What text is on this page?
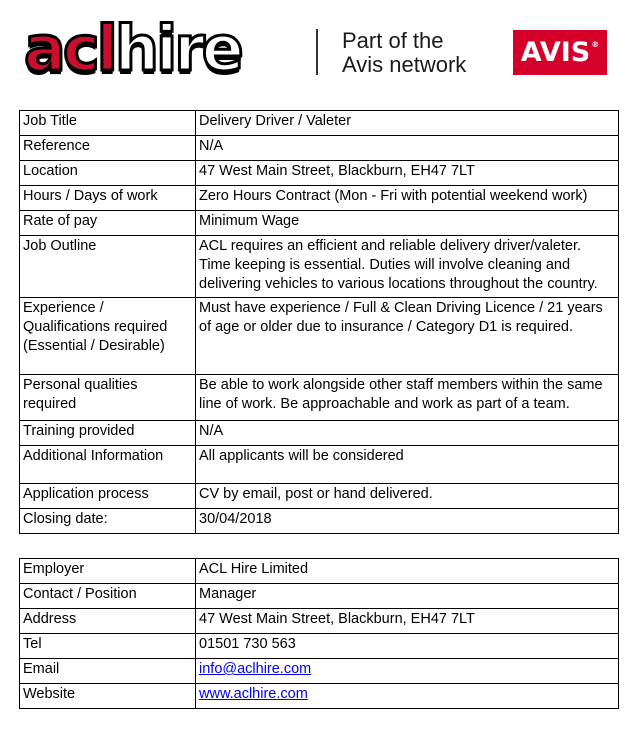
aclhire	Part of the
Avis network AVIS®
Job Title	Delivery Driver / Valeter
Reference	N/A
Location	47 West Main Street, Blackburn, EH47 7LT
Hours / Days of work	Zero Hours Contract (Mon - Fri with potential weekend work)
Rate of pay	Minimum Wage
Job Outline	ACL requires an efficient and reliable delivery driver/valeter. Time keeping is essential. Duties will involve cleaning and delivering vehicles to various locations throughout the country.
Experience / Qualifications required (Essential / Desirable)	Must have experience / Full & Clean Driving Licence / 21 years of age or older due to insurance / Category D1 is required.
Personal qualities required	Be able to work alongside other staff members within the same line of work. Be approachable and work as part of a team.
Training provided	N/A
Additional Information	All applicants will be considered
Application process	CV by email, post or hand delivered.
Closing date:	30/04/2018
Employer	ACL Hire Limited
Contact / Position	Manager
Address	47 West Main Street, Blackburn, EH47 7LT
Tel	01501 730 563
Email	info@aclhire.com
Website	www.aclhire.com
